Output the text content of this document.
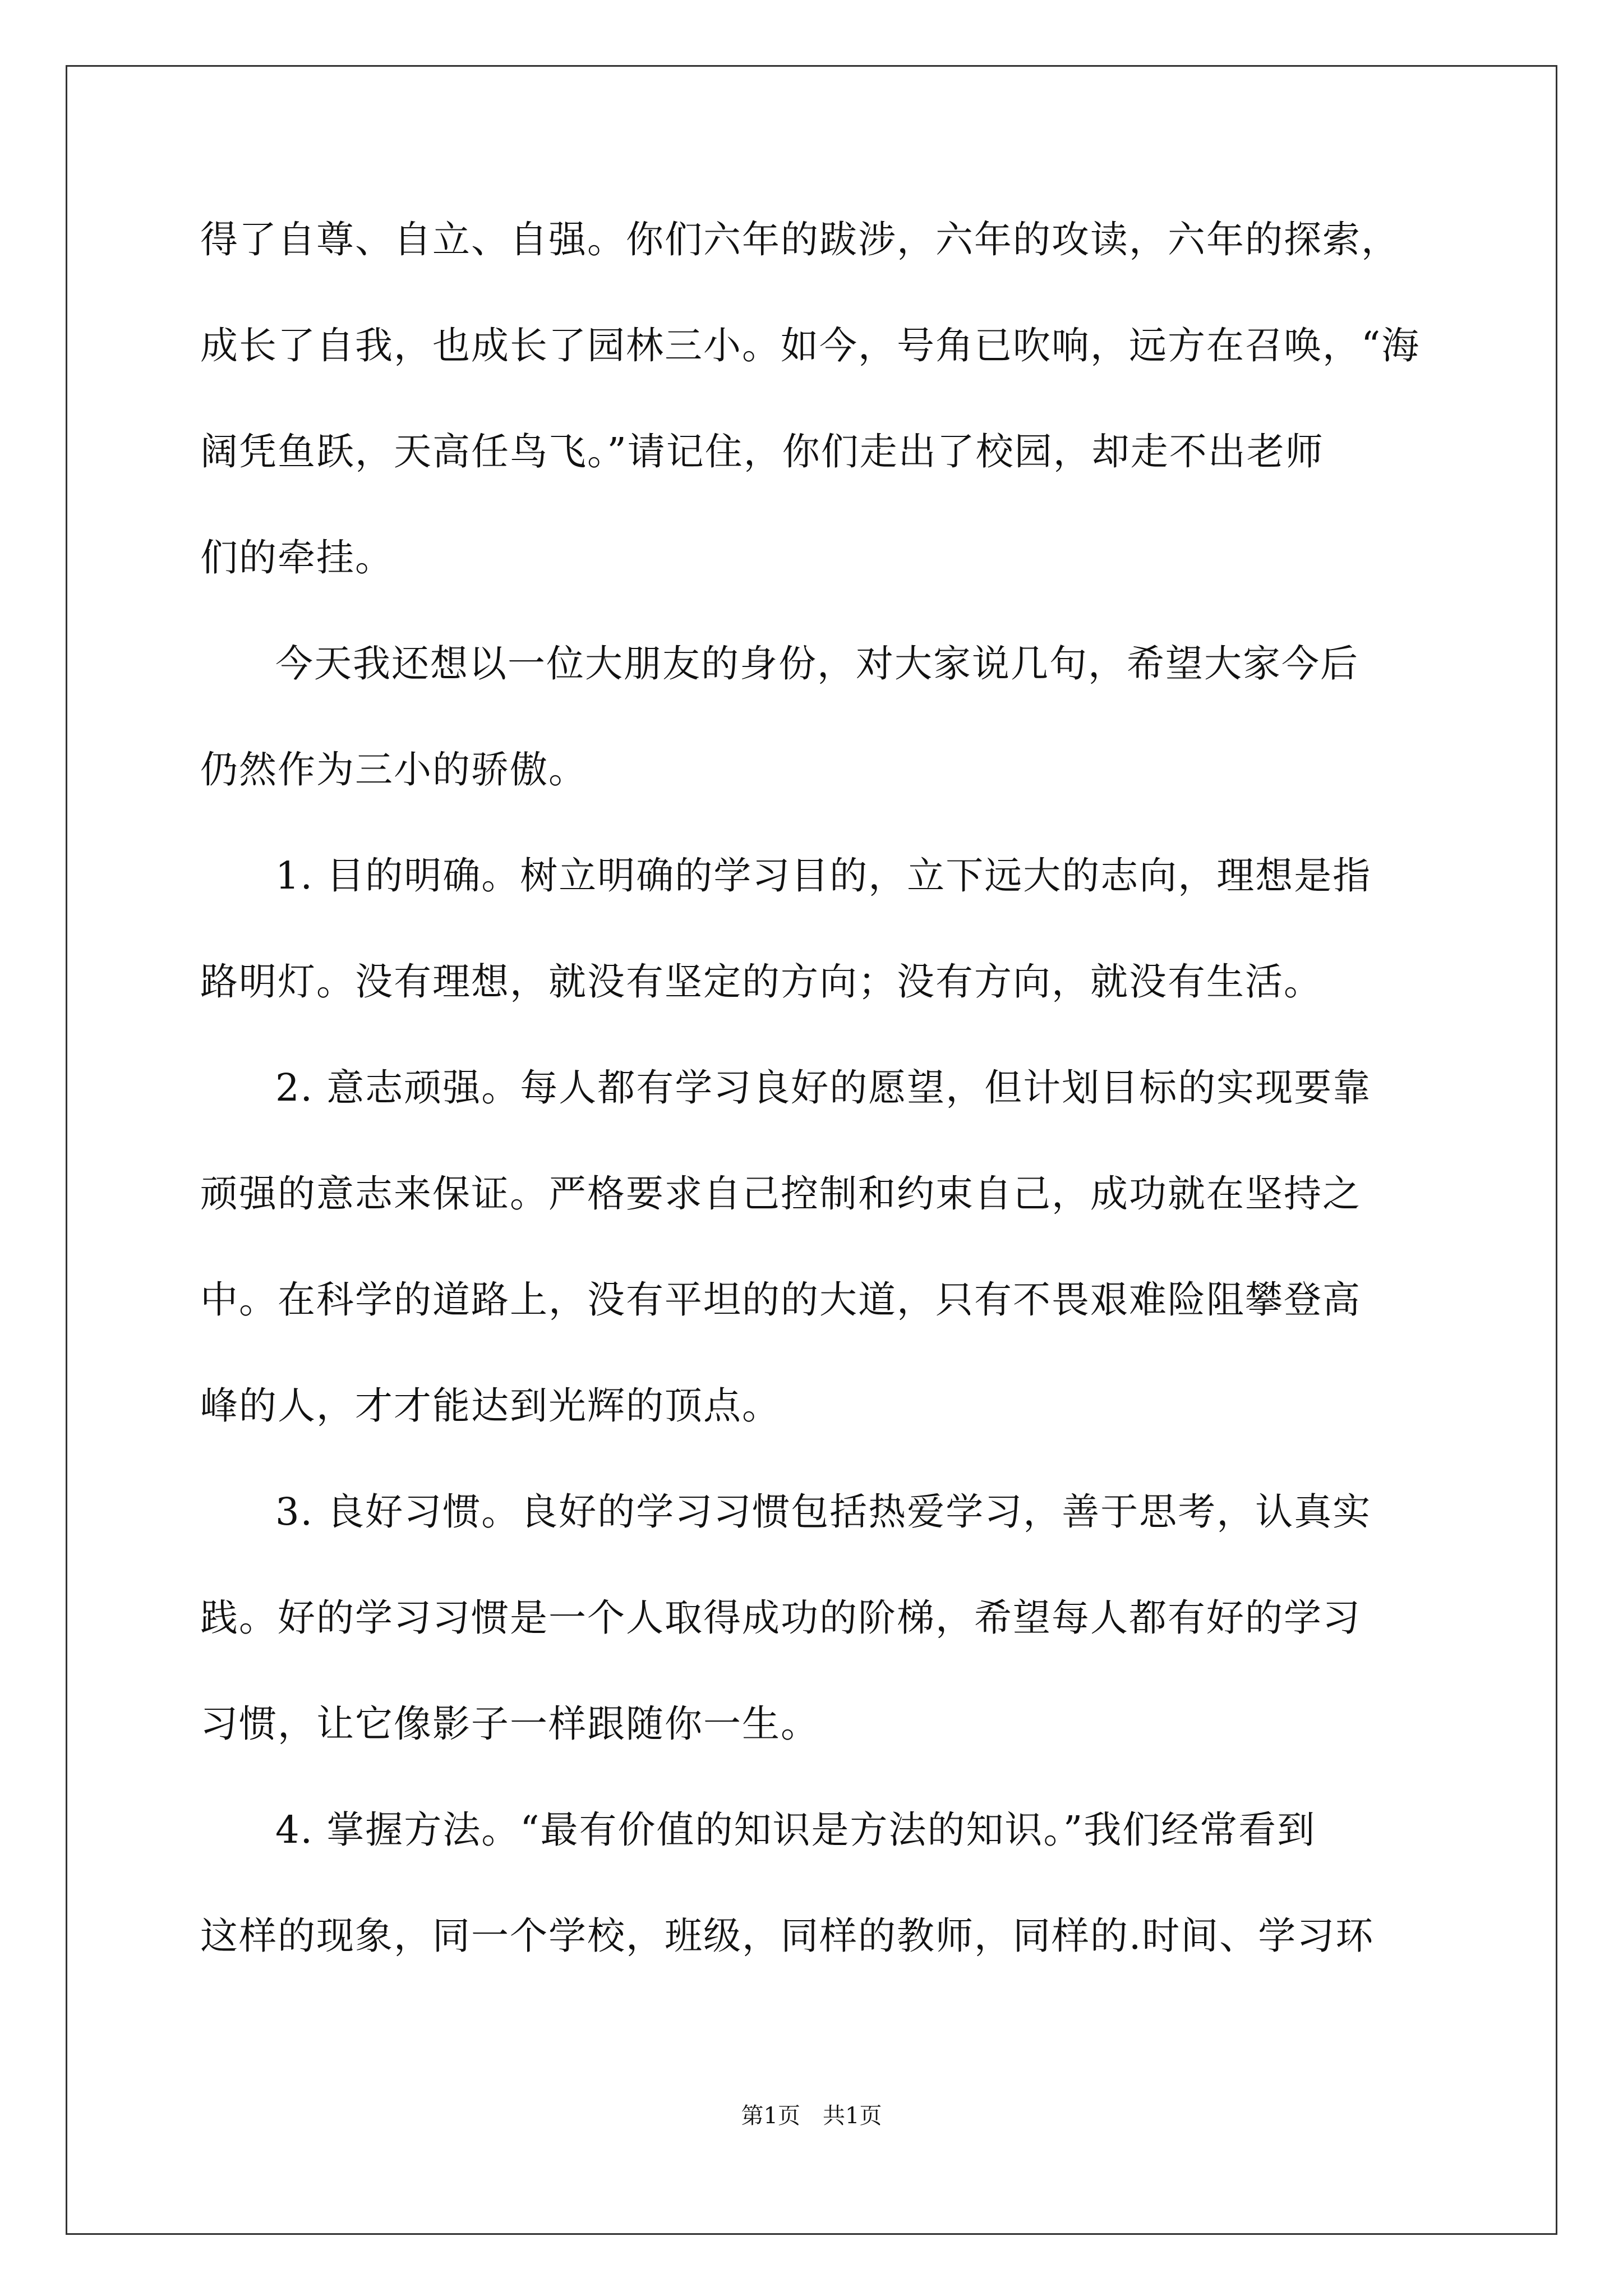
得了自尊、自立、自强。你们六年的跋涉，六年的攻读，六年的探索，
成长了自我，也成长了园林三小。如今，号角已吹响，远方在召唤，“海
阔凭鱼跃，天高任鸟飞。”请记住，你们走出了校园，却走不出老师
们的牵挂。
今天我还想以一位大朋友的身份，对大家说几句，希望大家今后
仍然作为三小的骄傲。
1. 目的明确。树立明确的学习目的，立下远大的志向，理想是指
路明灯。没有理想，就没有坚定的方向；没有方向，就没有生活。
2. 意志顽强。每人都有学习良好的愿望，但计划目标的实现要靠
顽强的意志来保证。严格要求自己控制和约束自己，成功就在坚持之
中。在科学的道路上，没有平坦的的大道，只有不畏艰难险阻攀登高
峰的人，才才能达到光辉的顶点。
3. 良好习惯。良好的学习习惯包括热爱学习，善于思考，认真实
践。好的学习习惯是一个人取得成功的阶梯，希望每人都有好的学习
习惯，让它像影子一样跟随你一生。
4. 掌握方法。“最有价值的知识是方法的知识。”我们经常看到
这样的现象，同一个学校，班级，同样的教师，同样的.时间、学习环
第1页 共1页
